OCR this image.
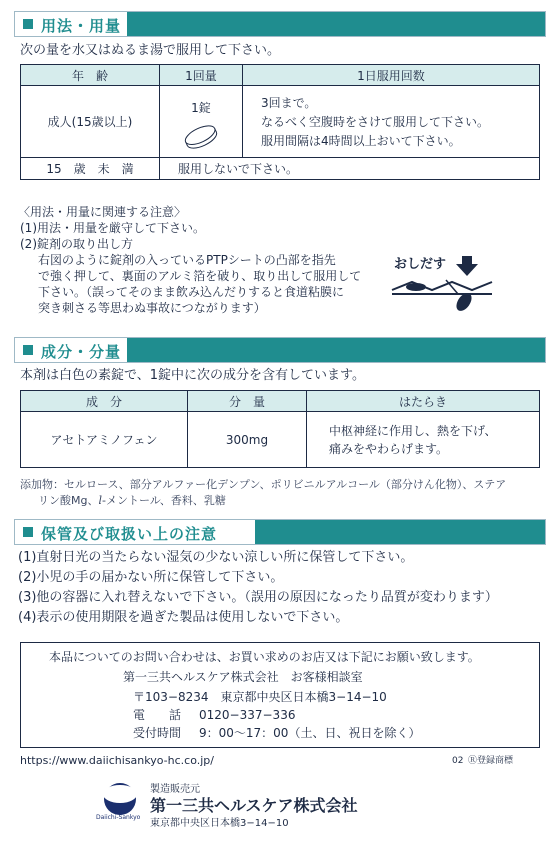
用法・用量
次の量を水又はぬるま湯で服用して下さい。
年　齢	1回量	1日服用回数
成人(15歳以上)	1錠	3回まで。
なるべく空腹時をさけて服用して下さい。
服用間隔は4時間以上おいて下さい。

15　歳　未　満	服用しないで下さい。	
〈用法・用量に関連する注意〉
(1)用法・用量を厳守して下さい。
(2)錠剤の取り出し方
右図のように錠剤の入っているPTPシートの凸部を指先
で強く押して、裏面のアルミ箔を破り、取り出して服用して
下さい。（誤ってそのまま飲み込んだりすると食道粘膜に
突き刺さる等思わぬ事故につながります）
おしだす
成分・分量
本剤は白色の素錠で、1錠中に次の成分を含有しています。
成　分	分　量	はたらき
アセトアミノフェン	300mg	中枢神経に作用し、熱を下げ、
痛みをやわらげます。
添加物：セルロース、部分アルファー化デンプン、ポリビニルアルコール（部分けん化物）、ステア
リン酸Mg、l-メントール、香料、乳糖
保管及び取扱い上の注意
(1)直射日光の当たらない湿気の少ない涼しい所に保管して下さい。
(2)小児の手の届かない所に保管して下さい。
(3)他の容器に入れ替えないで下さい。（誤用の原因になったり品質が変わります）
(4)表示の使用期限を過ぎた製品は使用しないで下さい。
本品についてのお問い合わせは、お買い求めのお店又は下記にお願い致します。
第一三共ヘルスケア株式会社　お客様相談室
〒103−8234　東京都中央区日本橋3−14−10
電　　話 0120−337−336
受付時間 9：00〜17：00（土、日、祝日を除く）
https://www.daiichisankyo-hc.co.jp/	02 Ⓡ登録商標
Daiichi-Sankyo
製造販売元
第一三共ヘルスケア株式会社
東京都中央区日本橋3−14−10
